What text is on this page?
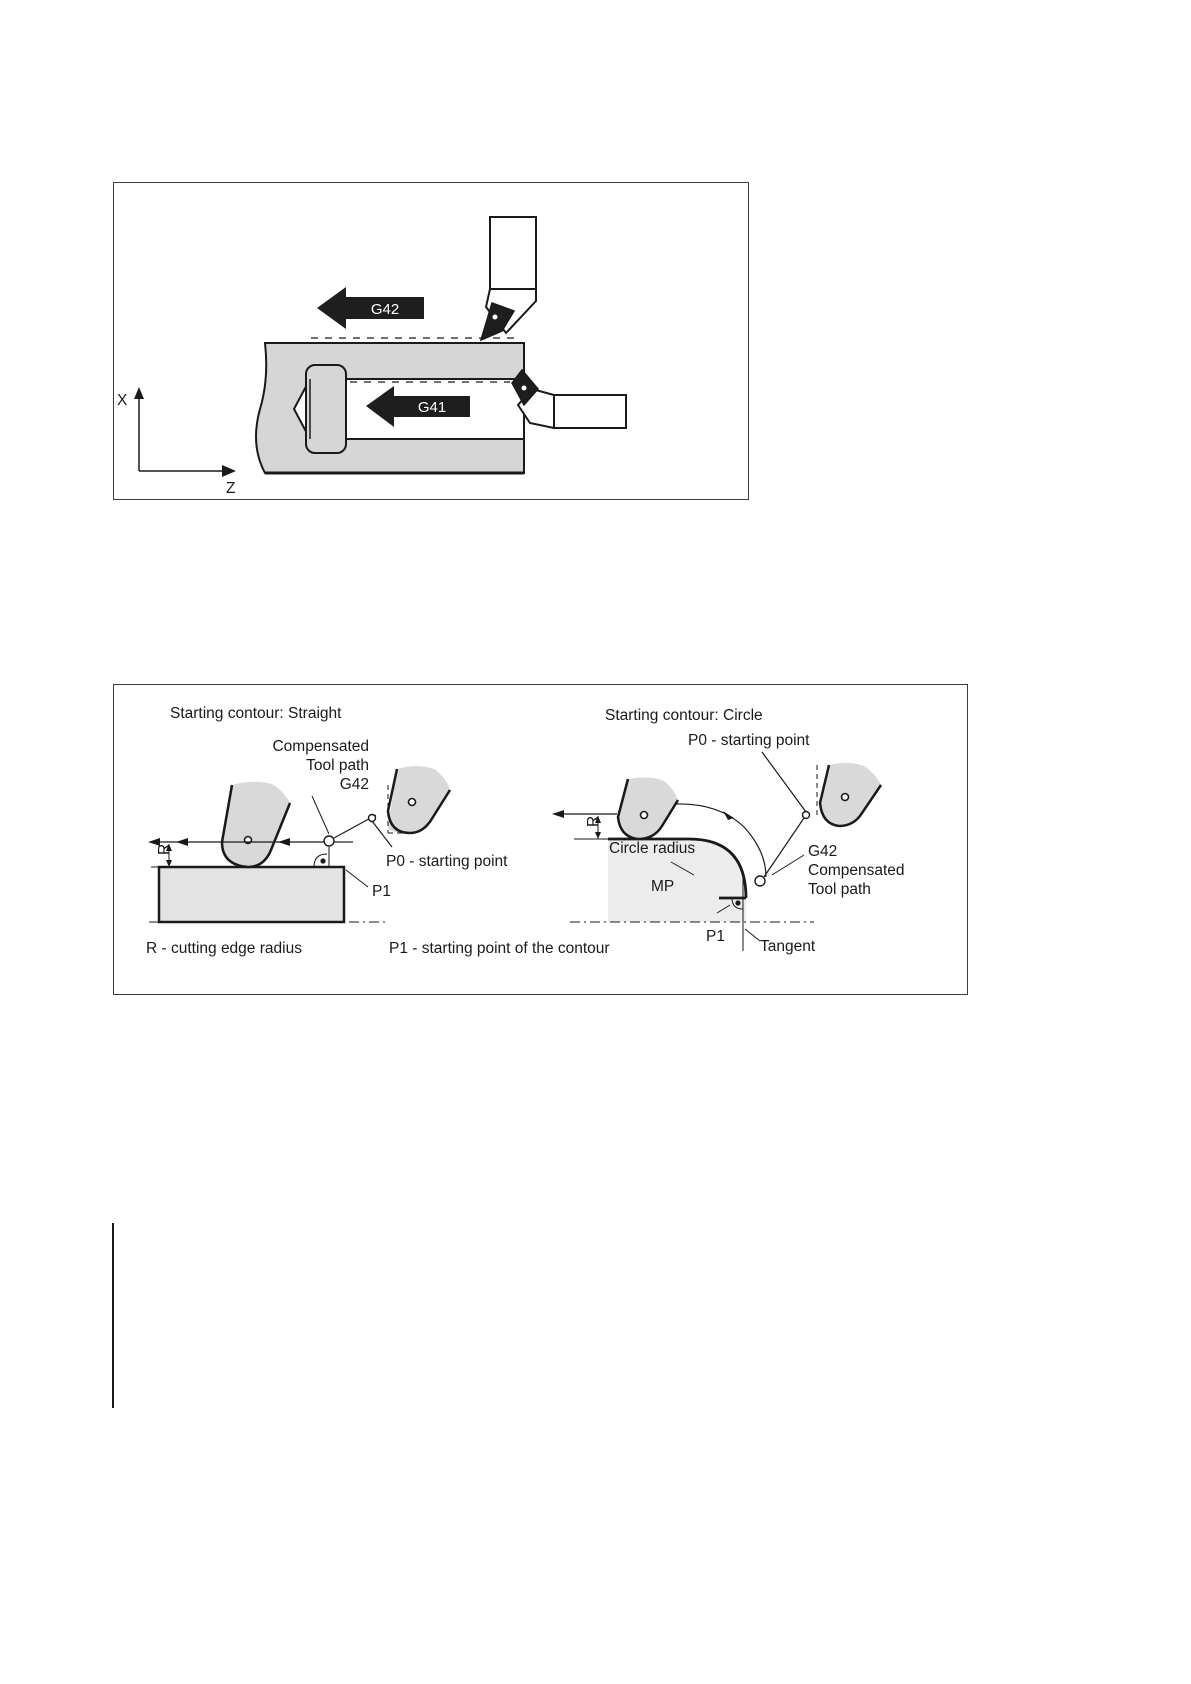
G42
G41
X
Z
Starting contour: Straight
R
Compensated
Tool path
G42
P0 - starting point
P1
R - cutting edge radius	P1 - starting point of the contour
Starting contour: Circle
P0 - starting point
R
Circle radius
MP
G42
Compensated
Tool path
P1
Tangent
